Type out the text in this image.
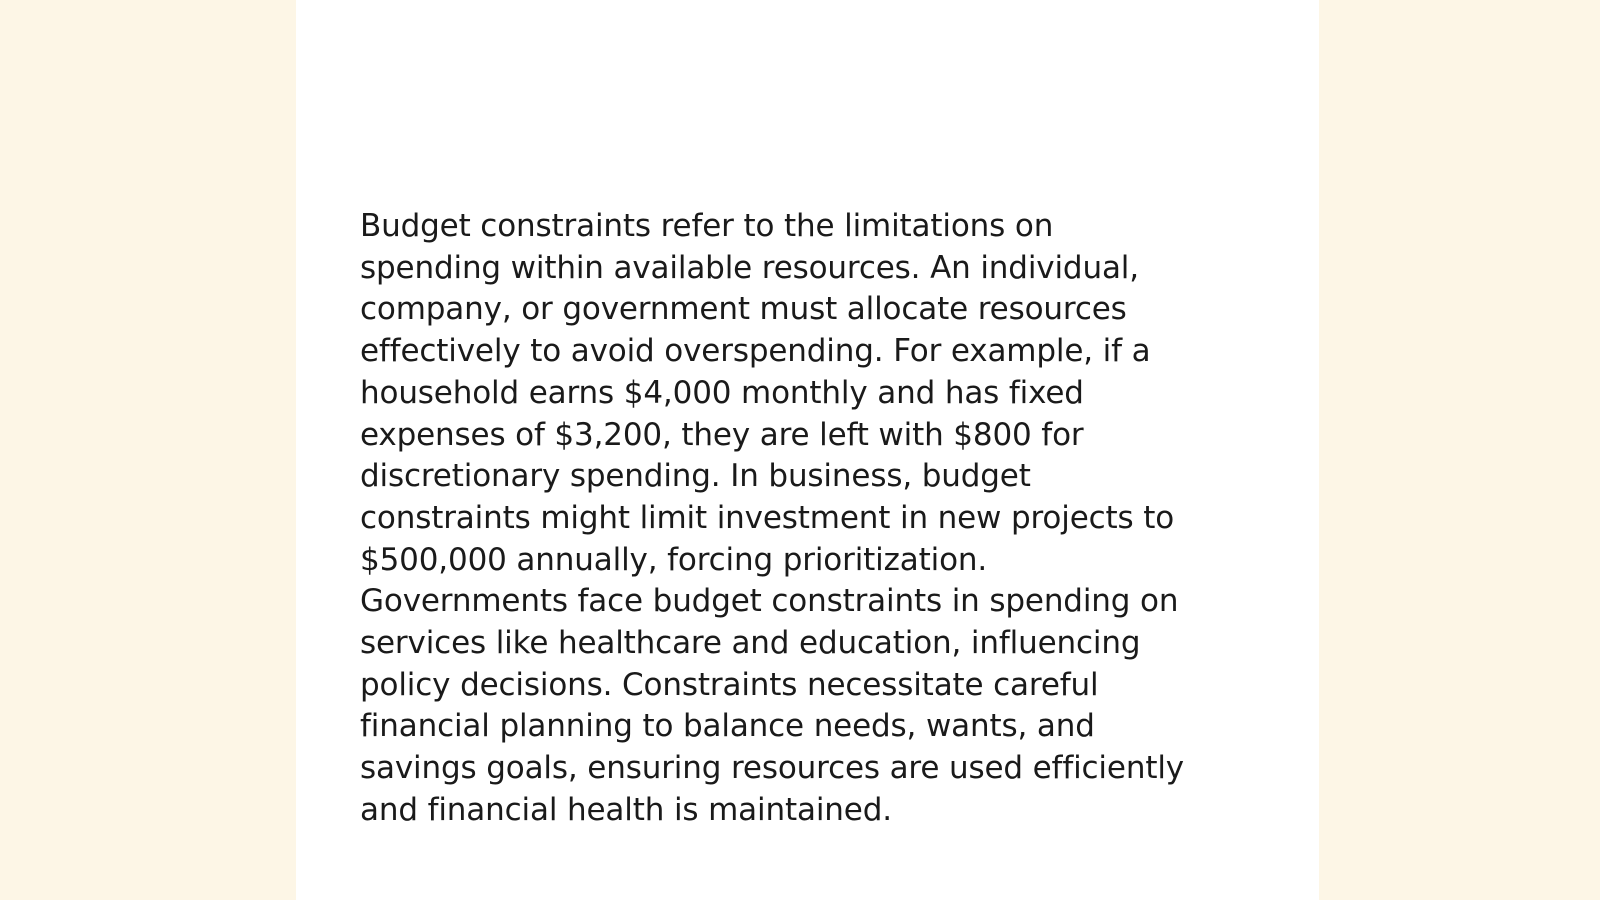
Budget constraints refer to the limitations on
spending within available resources. An individual,
company, or government must allocate resources
effectively to avoid overspending. For example, if a
household earns $4,000 monthly and has fixed
expenses of $3,200, they are left with $800 for
discretionary spending. In business, budget
constraints might limit investment in new projects to
$500,000 annually, forcing prioritization.
Governments face budget constraints in spending on
services like healthcare and education, influencing
policy decisions. Constraints necessitate careful
financial planning to balance needs, wants, and
savings goals, ensuring resources are used efficiently
and financial health is maintained.
